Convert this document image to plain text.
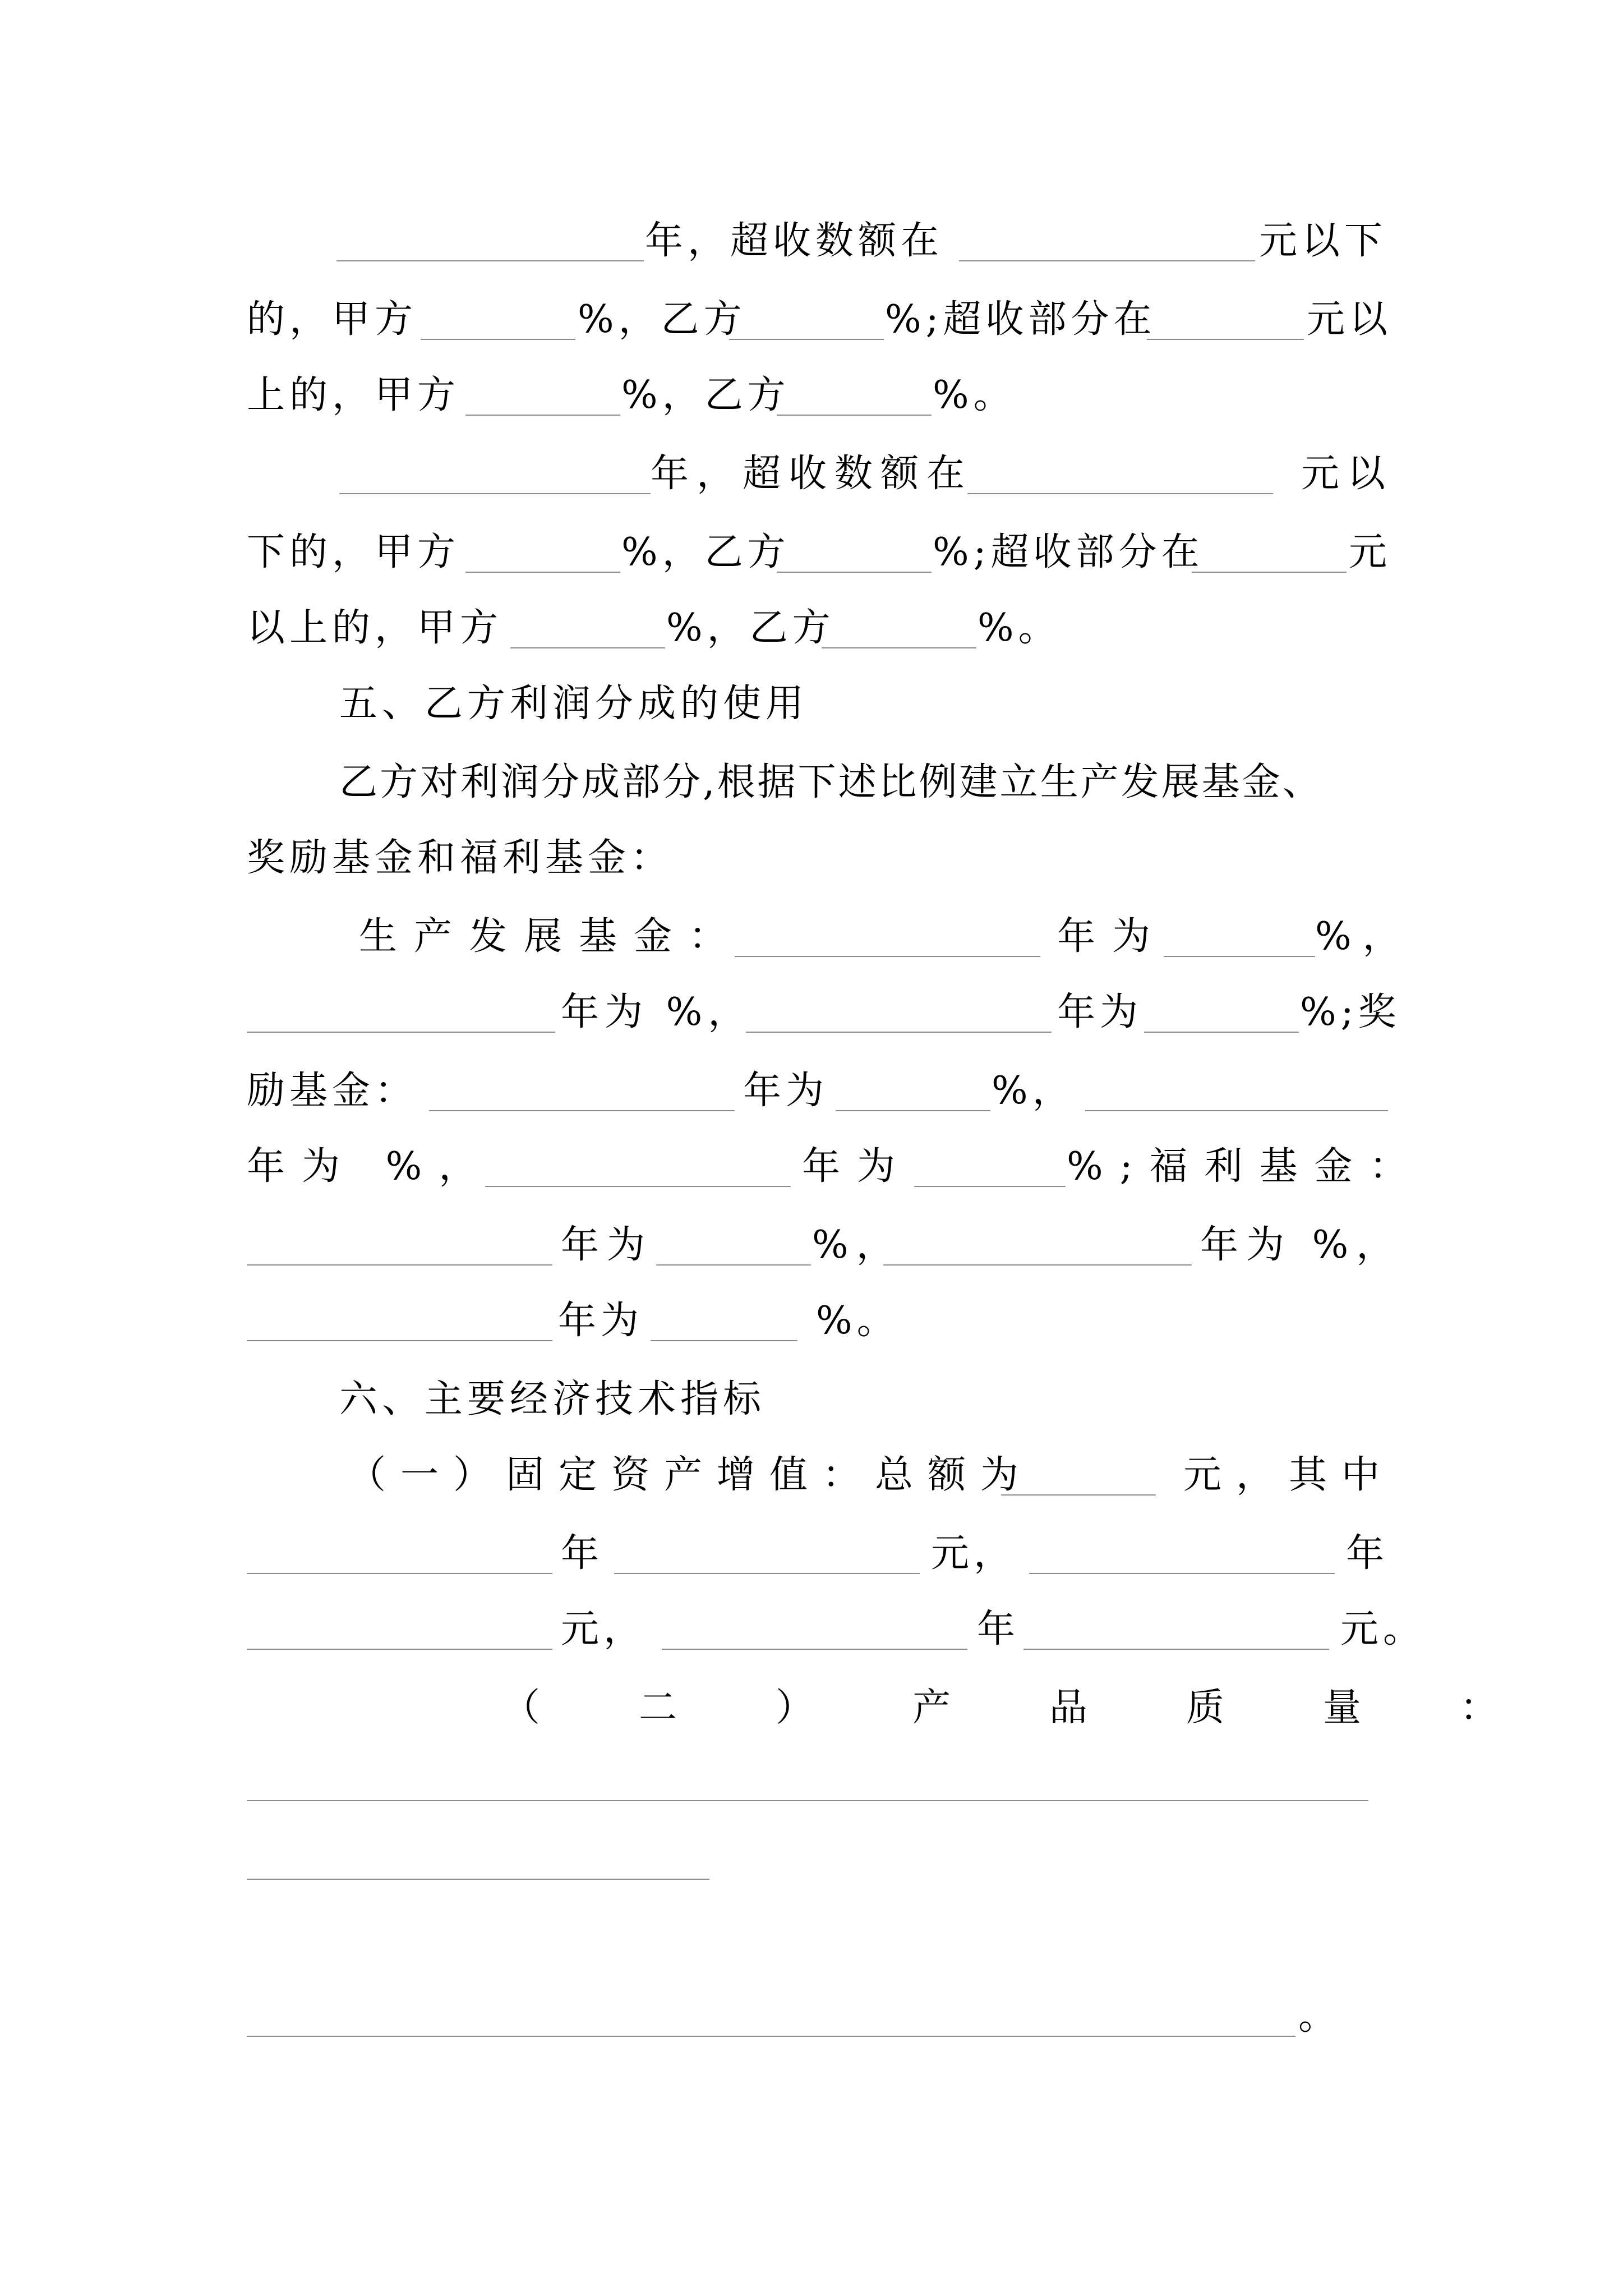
年，超收数额在	元以下
的，甲方	%，乙方	%;超收部分在	元以
上的，甲方	%，乙方	%。
年，超收数额在	元以
下的，甲方	%，乙方	%;超收部分在	元
以上的，甲方	%，乙方	%。
五、乙方利润分成的使用
乙方对利润分成部分,根据下述比例建立生产发展基金、
奖励基金和福利基金：
生产发展基金：	年为	%，
年为 %，	年为	%;奖
励基金：	年为	%，
年为 %，	年为	%;福利基金：
年为	%，	年为 %，
年为	%。
六、主要经济技术指标
（一）固定资产增值：总额为	元，其中
年	元，	年
元，	年	元。
（二）产品质量：
。
